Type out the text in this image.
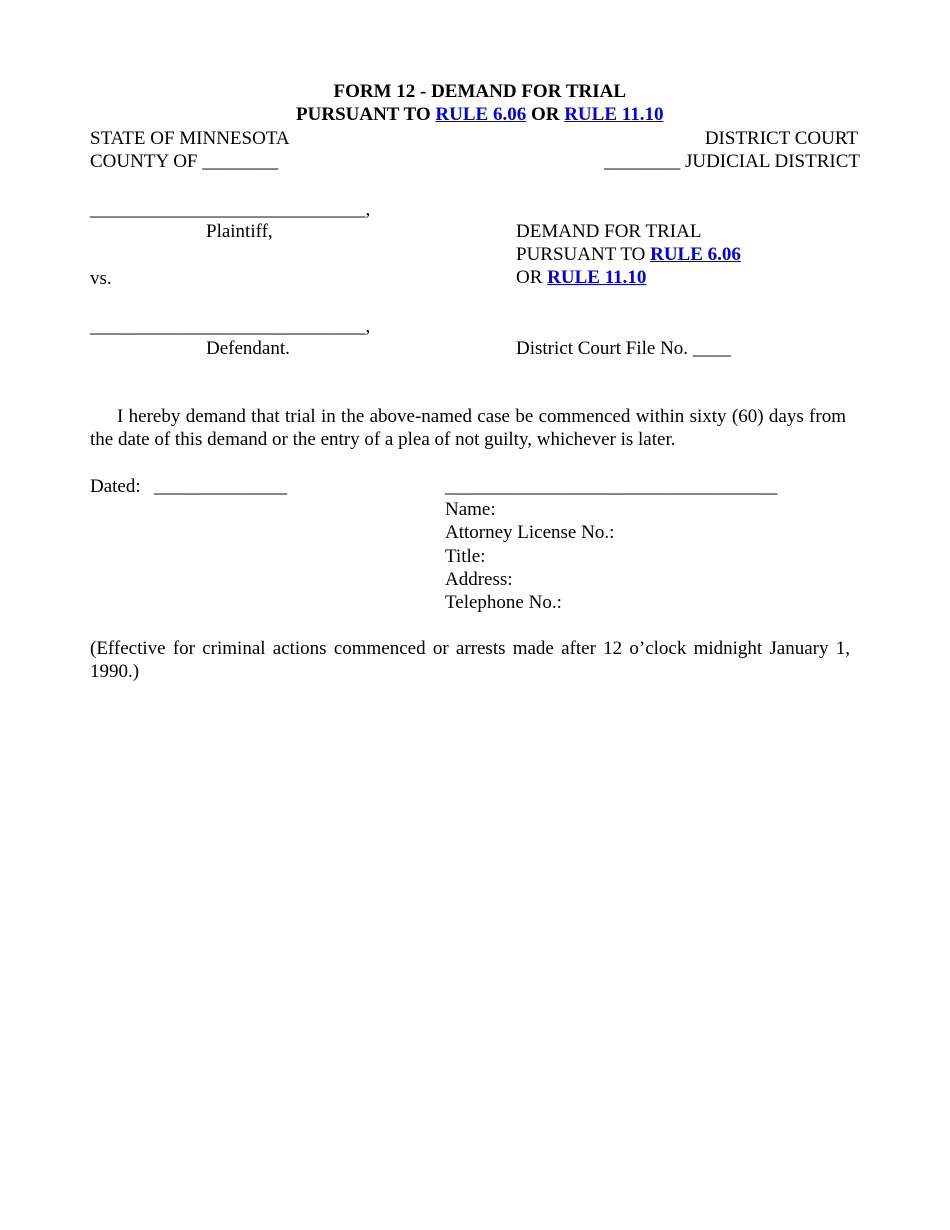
FORM 12 - DEMAND FOR TRIAL

PURSUANT TO RULE 6.06 OR RULE 11.10

STATE OF MINNESOTA
COUNTY OF ________
DISTRICT COURT
________ JUDICIAL DISTRICT
_____________________________,
Plaintiff,
vs.
_____________________________,
Defendant.
DEMAND FOR TRIAL
PURSUANT TO RULE 6.06
OR RULE 11.10
District Court File No. ____
I hereby demand that trial in the above-named case be commenced within sixty (60) days from the date of this demand or the entry of a plea of not guilty, whichever is later.
Dated: ______________	___________________________________
Name:
Attorney License No.:
Title:
Address:
Telephone No.:
(Effective for criminal actions commenced or arrests made after 12 o’clock midnight January 1, 1990.)
